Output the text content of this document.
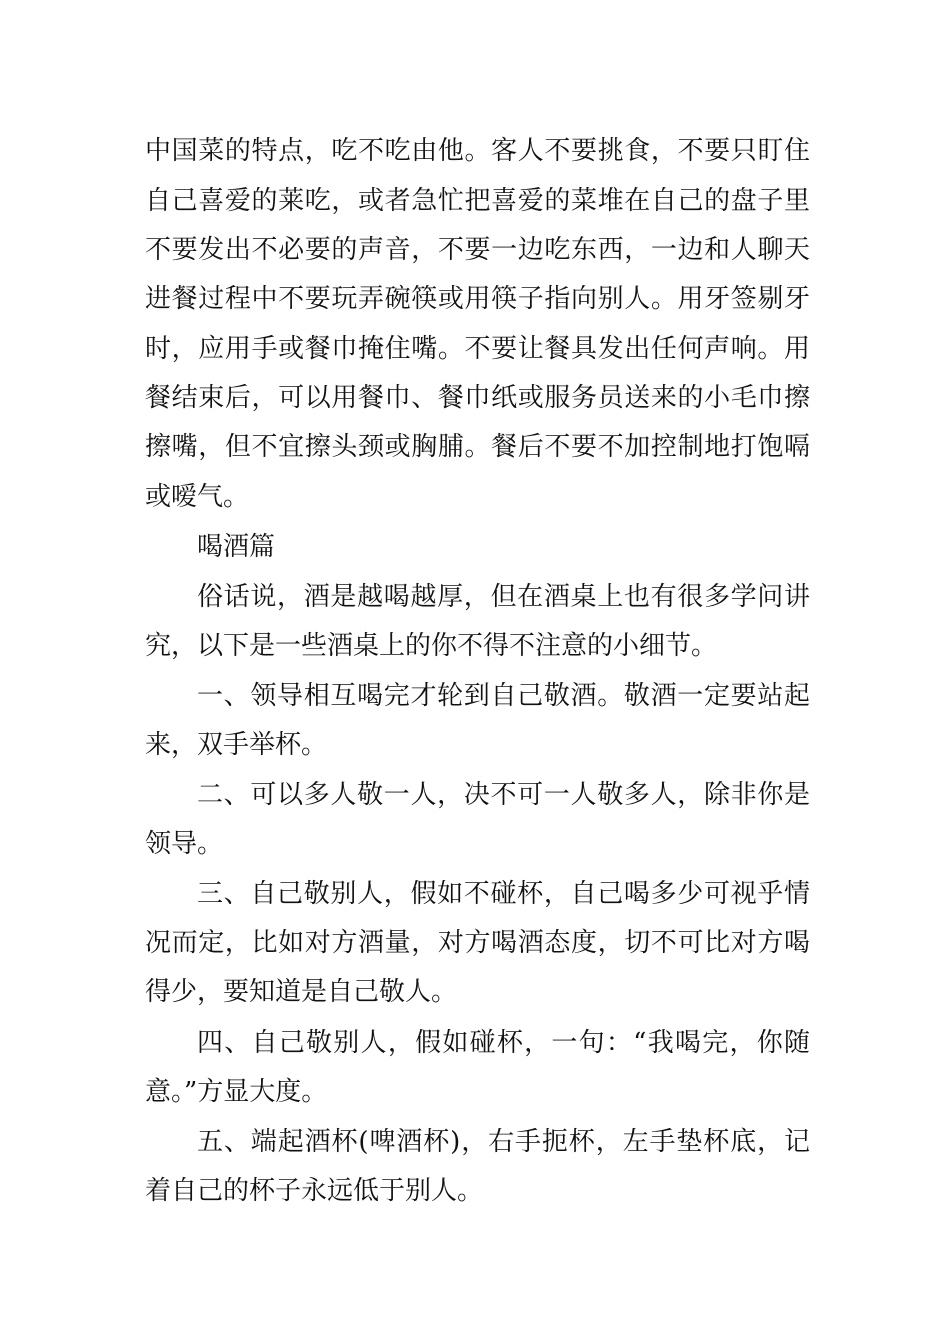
中国菜的特点，吃不吃由他。客人不要挑食，不要只盯住
自己喜爱的莱吃，或者急忙把喜爱的菜堆在自己的盘子里
不要发出不必要的声音，不要一边吃东西，一边和人聊天
进餐过程中不要玩弄碗筷或用筷子指向别人。用牙签剔牙
时，应用手或餐巾掩住嘴。不要让餐具发出任何声响。用
餐结束后，可以用餐巾、餐巾纸或服务员送来的小毛巾擦
擦嘴，但不宜擦头颈或胸脯。餐后不要不加控制地打饱嗝
或嗳气。
喝酒篇
俗话说，酒是越喝越厚，但在酒桌上也有很多学问讲
究，以下是一些酒桌上的你不得不注意的小细节。
一、领导相互喝完才轮到自己敬酒。敬酒一定要站起
来，双手举杯。
二、可以多人敬一人，决不可一人敬多人，除非你是
领导。
三、自己敬别人，假如不碰杯，自己喝多少可视乎情
况而定，比如对方酒量，对方喝酒态度，切不可比对方喝
得少，要知道是自己敬人。
四、自己敬别人，假如碰杯，一句：“我喝完，你随
意。”方显大度。
五、端起酒杯(啤酒杯)，右手扼杯，左手垫杯底，记
着自己的杯子永远低于别人。
